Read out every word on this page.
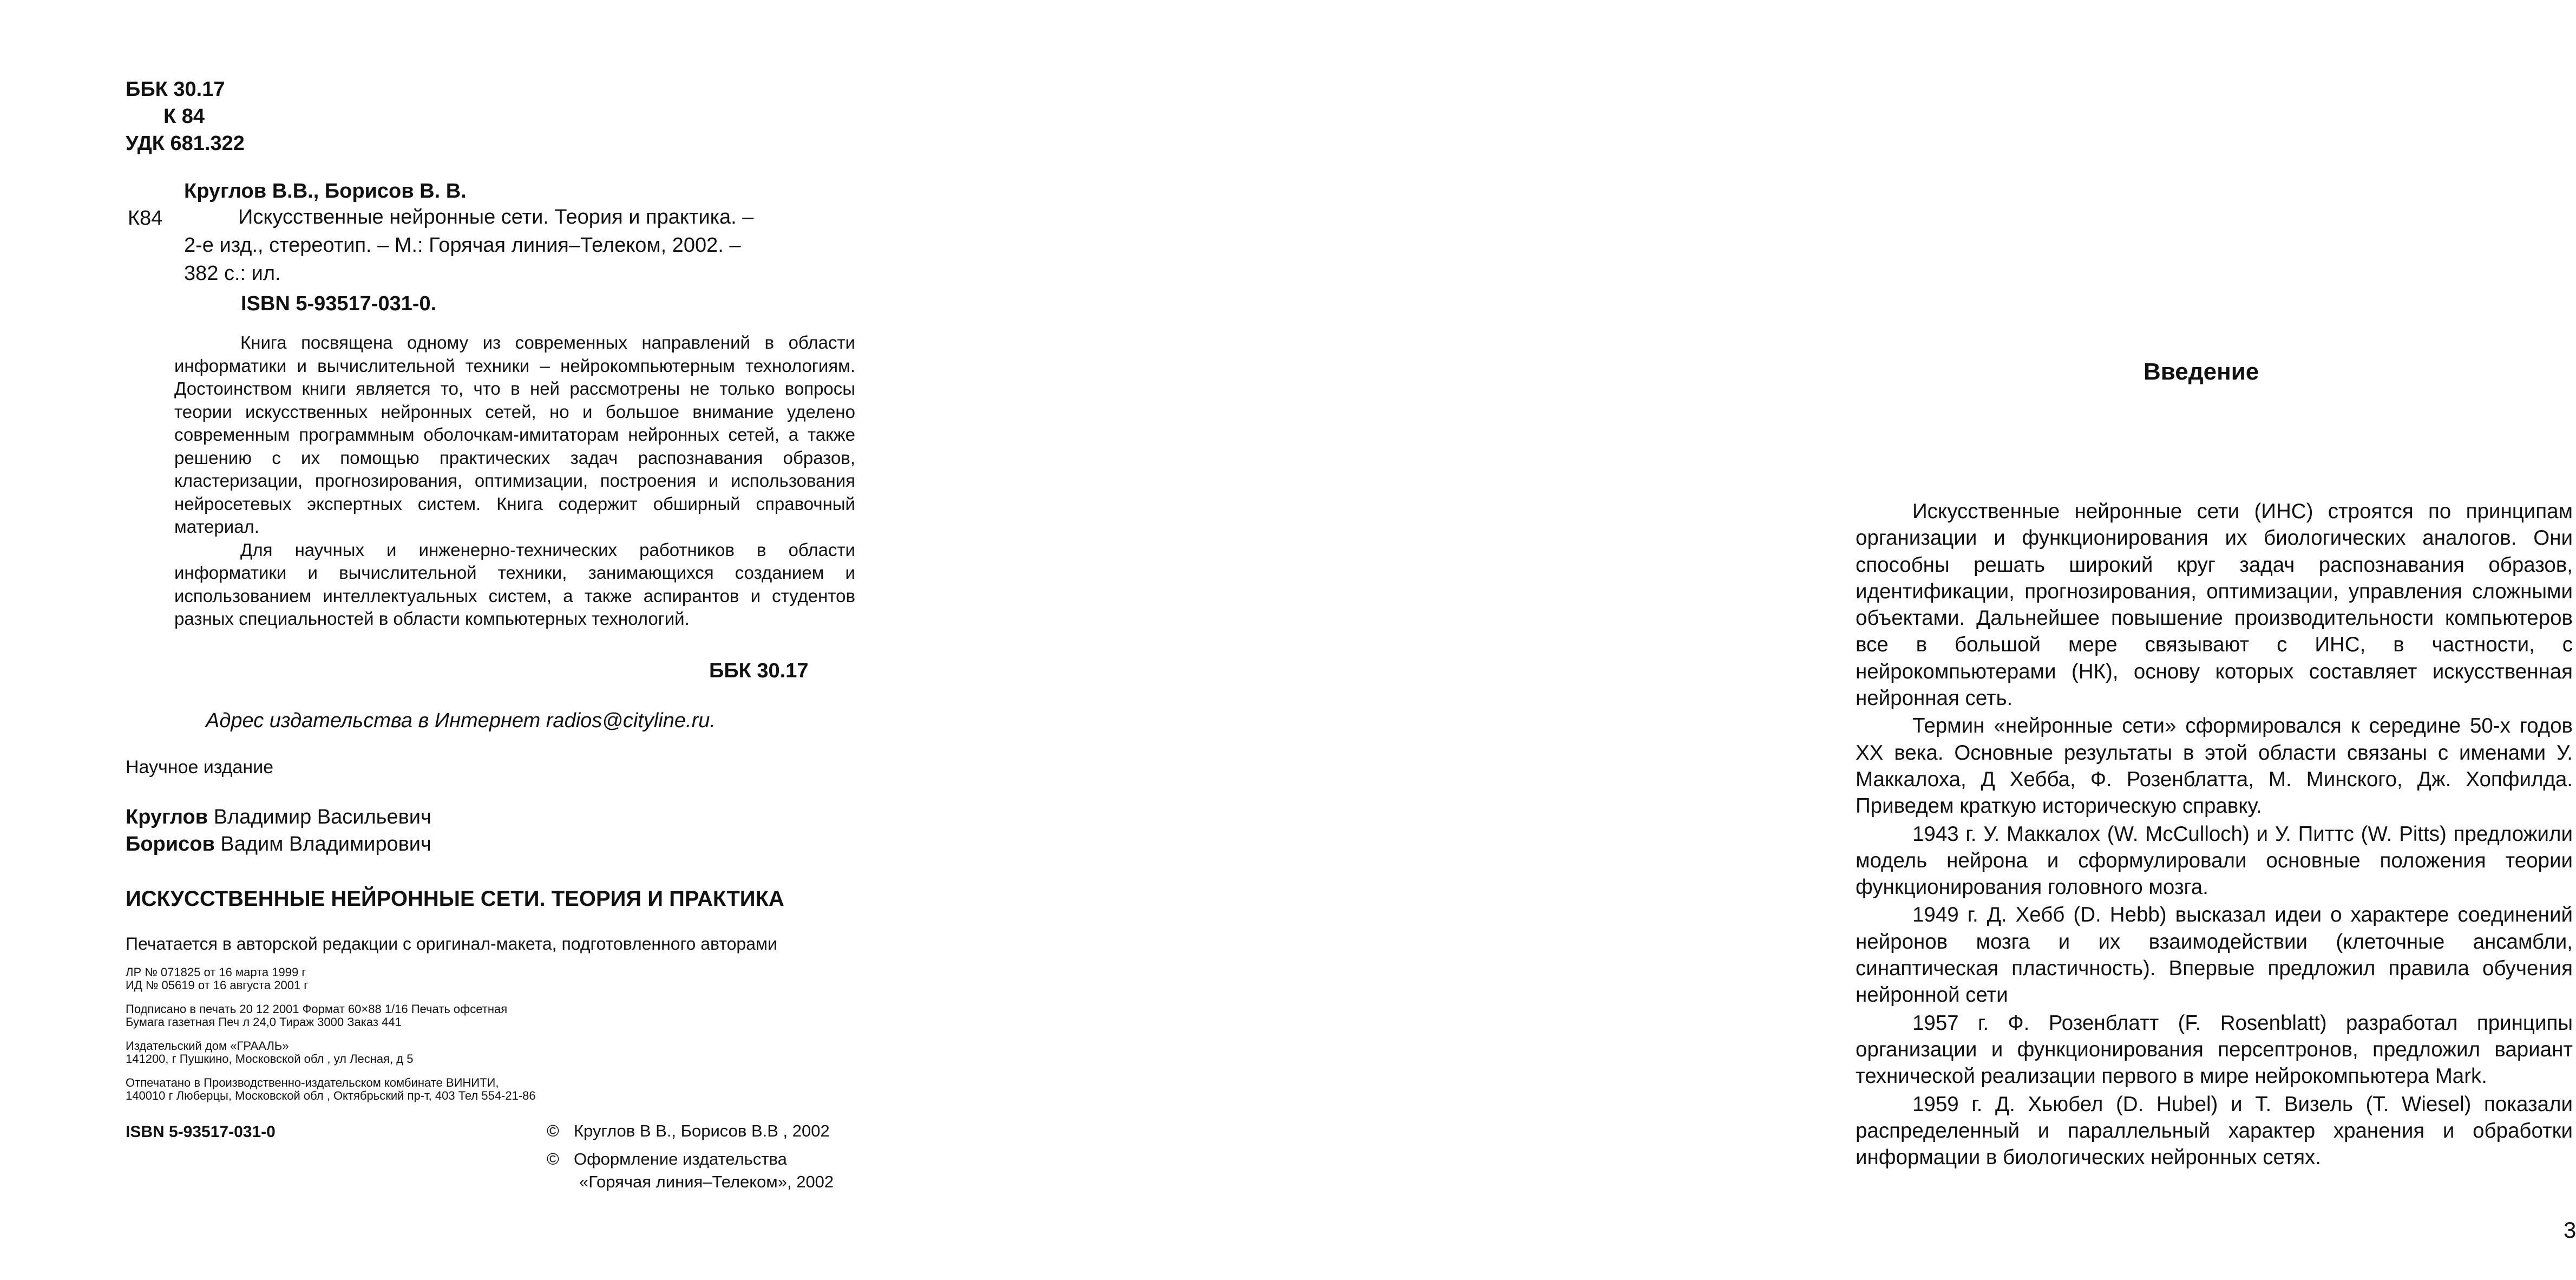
ББК 30.17
К 84
УДК 681.322
Круглов В.В., Борисов В. В.
К84	Искусственные нейронные сети. Теория и практика. –
2-е изд., стереотип. – М.: Горячая линия–Телеком, 2002. –
382 с.: ил.
ISBN 5-93517-031-0.

Книга посвящена одному из современных направлений в области информатики и вычислительной техники – нейрокомпьютерным технологиям. Достоинством книги является то, что в ней рассмотрены не только вопросы теории искусственных нейронных сетей, но и большое внимание уделено современным программным оболочкам-имитаторам нейронных сетей, а также решению с их помощью практических задач распознавания образов, кластеризации, прогнозирования, оптимизации, построения и использования нейросетевых экспертных систем. Книга содержит обширный справочный материал.

Для научных и инженерно-технических работников в области информатики и вычислительной техники, занимающихся созданием и использованием интеллектуальных систем, а также аспирантов и студентов разных специальностей в области компьютерных технологий.

ББК 30.17
Адрес издательства в Интернет radios@cityline.ru.
Научное издание
Круглов Владимир Васильевич
Борисов Вадим Владимирович
ИСКУССТВЕННЫЕ НЕЙРОННЫЕ СЕТИ. ТЕОРИЯ И ПРАКТИКА
Печатается в авторской редакции с оригинал-макета, подготовленного авторами
ЛР № 071825 от 16 марта 1999 г
ИД № 05619 от 16 августа 2001 г
Подписано в печать 20 12 2001 Формат 60×88 1/16 Печать офсетная
Бумага газетная Печ л 24,0 Тираж 3000 Заказ 441
Издательский дом «ГРААЛЬ»
141200, г Пушкино, Московской обл , ул Лесная, д 5
Отпечатано в Производственно-издательском комбинате ВИНИТИ,
140010 г Люберцы, Московской обл , Октябрьский пр-т, 403 Тел 554-21-86
ISBN 5-93517-031-0	© Круглов В В., Борисов В.В , 2002
© Оформление издательства
«Горячая линия–Телеком», 2002
Введение

Искусственные нейронные сети (ИНС) строятся по принципам организации и функционирования их биологических аналогов. Они способны решать широкий круг задач распознавания образов, идентификации, прогнозирования, оптимизации, управления сложными объектами. Дальнейшее повышение производительности компьютеров все в большой мере связывают с ИНС, в частности, с нейрокомпьютерами (НК), основу которых составляет искусственная нейронная сеть.

Термин «нейронные сети» сформировался к середине 50-х годов XX века. Основные результаты в этой области связаны с именами У. Маккалоха, Д Хебба, Ф. Розенблатта, М. Минского, Дж. Хопфилда. Приведем краткую историческую справку.

1943 г. У. Маккалох (W. McCulloch) и У. Питтс (W. Pitts) предложили модель нейрона и сформулировали основные положения теории функционирования головного мозга.

1949 г. Д. Хебб (D. Hebb) высказал идеи о характере соединений нейронов мозга и их взаимодействии (клеточные ансамбли, синаптическая пластичность). Впервые предложил правила обучения нейронной сети

1957 г. Ф. Розенблатт (F. Rosenblatt) разработал принципы организации и функционирования персептронов, предложил вариант технической реализации первого в мире нейрокомпьютера Mark.

1959 г. Д. Хьюбел (D. Hubel) и Т. Визель (T. Wiesel) показали распределенный и параллельный характер хранения и обработки информации в биологических нейронных сетях.

3
